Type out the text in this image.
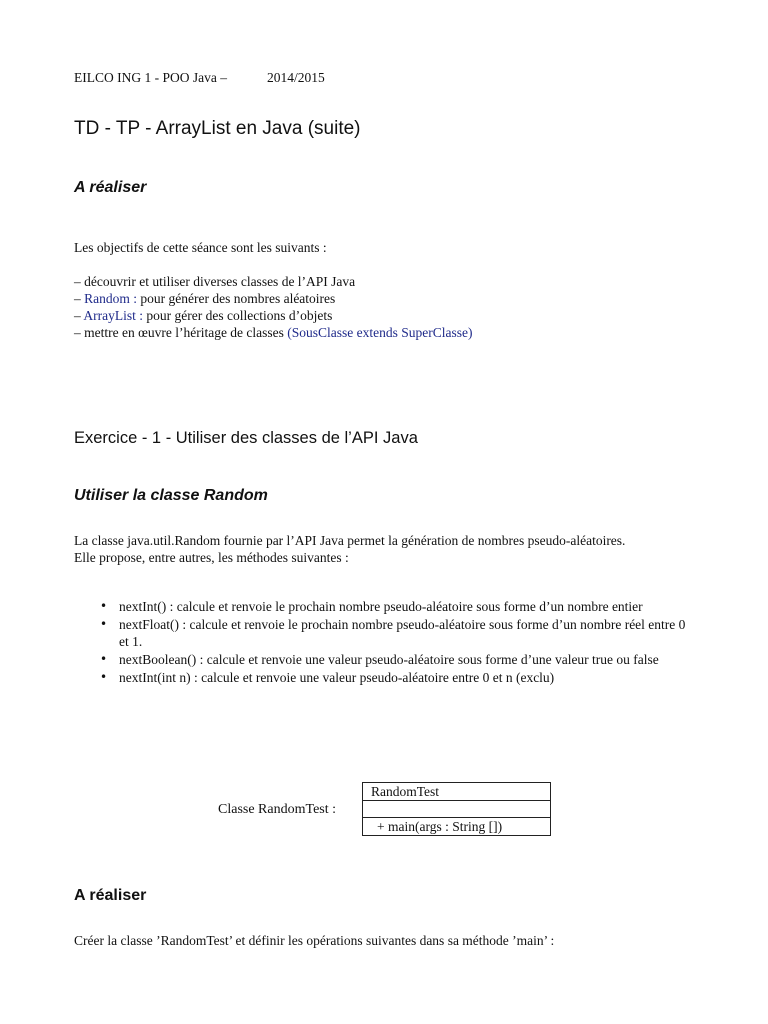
EILCO ING 1 - POO Java –	2014/2015
TD - TP - ArrayList en Java (suite)
A réaliser

Les objectifs de cette séance sont les suivants :

– découvrir et utiliser diverses classes de l’API Java
– Random : pour générer des nombres aléatoires
– ArrayList : pour gérer des collections d’objets
– mettre en œuvre l’héritage de classes (SousClasse extends SuperClasse)
Exercice - 1 - Utiliser des classes de l’API Java
Utiliser la classe Random
La classe java.util.Random fournie par l’API Java permet la génération de nombres pseudo-aléatoires.
Elle propose, entre autres, les méthodes suivantes :
• nextInt() : calcule et renvoie le prochain nombre pseudo-aléatoire sous forme d’un nombre entier
• nextFloat() : calcule et renvoie le prochain nombre pseudo-aléatoire sous forme d’un nombre réel entre 0 et 1.
• nextBoolean() : calcule et renvoie une valeur pseudo-aléatoire sous forme d’une valeur true ou false
• nextInt(int n) : calcule et renvoie une valeur pseudo-aléatoire entre 0 et n (exclu)
Classe RandomTest :
RandomTest
+ main(args : String [])
A réaliser

Créer la classe ’RandomTest’ et définir les opérations suivantes dans sa méthode ’main’ :
